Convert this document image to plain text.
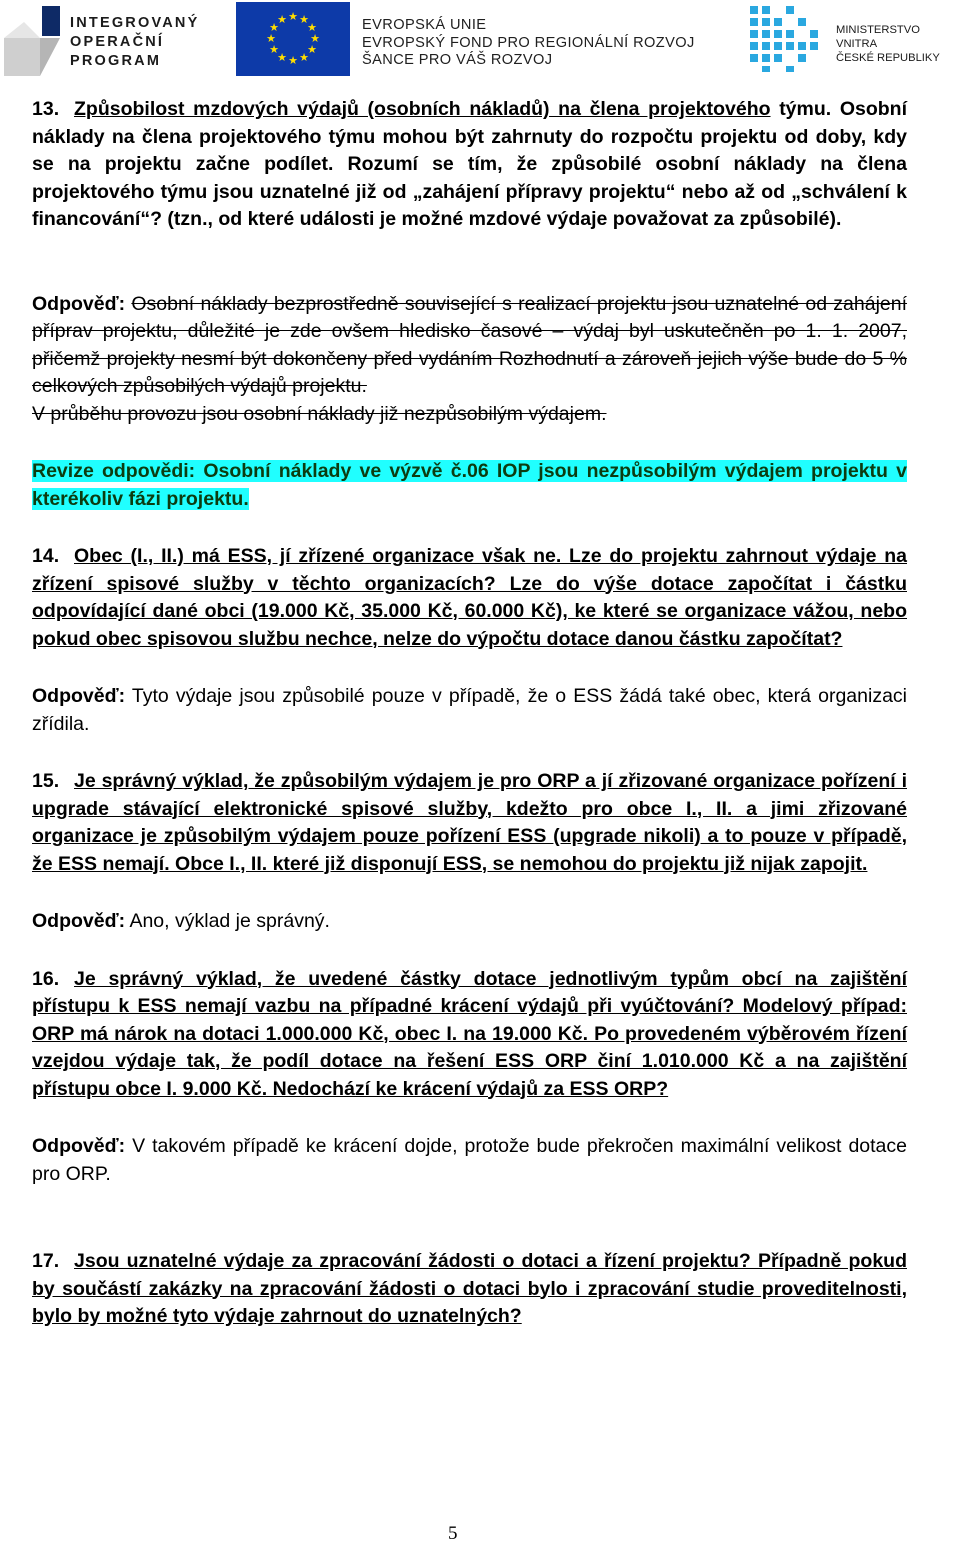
INTEGROVANÝ
OPERAČNÍ
PROGRAM
★ ★
★
★
★
★
★
★
★
★
★
★	EVROPSKÁ UNIE
EVROPSKÝ FOND PRO REGIONÁLNÍ ROZVOJ
ŠANCE PRO VÁŠ ROZVOJ
MINISTERSTVO VNITRA
ČESKÉ REPUBLIKY

13. Způsobilost mzdových výdajů (osobních nákladů) na člena projektového týmu. Osobní náklady na člena projektového týmu mohou být zahrnuty do rozpočtu projektu od doby, kdy se na projektu začne podílet. Rozumí se tím, že způsobilé osobní náklady na člena projektového týmu jsou uznatelné již od „zahájení přípravy projektu“ nebo až od „schválení k financování“? (tzn., od které události je možné mzdové výdaje považovat za způsobilé).

Odpověď: Osobní náklady bezprostředně související s realizací projektu jsou uznatelné od zahájení příprav projektu, důležité je zde ovšem hledisko časové – výdaj byl uskutečněn po 1. 1. 2007, přičemž projekty nesmí být dokončeny před vydáním Rozhodnutí a zároveň jejich výše bude do 5 % celkových způsobilých výdajů projektu.

V průběhu provozu jsou osobní náklady již nezpůsobilým výdajem.

Revize odpovědi: Osobní náklady ve výzvě č.06 IOP jsou nezpůsobilým výdajem projektu v kterékoliv fázi projektu.

14. Obec (I., II.) má ESS, jí zřízené organizace však ne. Lze do projektu zahrnout výdaje na zřízení spisové služby v těchto organizacích? Lze do výše dotace započítat i částku odpovídající dané obci (19.000 Kč, 35.000 Kč, 60.000 Kč), ke které se organizace vážou, nebo pokud obec spisovou službu nechce, nelze do výpočtu dotace danou částku započítat?

Odpověď: Tyto výdaje jsou způsobilé pouze v případě, že o ESS žádá také obec, která organizaci zřídila.

15. Je správný výklad, že způsobilým výdajem je pro ORP a jí zřizované organizace pořízení i upgrade stávající elektronické spisové služby, kdežto pro obce I., II. a jimi zřizované organizace je způsobilým výdajem pouze pořízení ESS (upgrade nikoli) a to pouze v případě, že ESS nemají. Obce I., II. které již disponují ESS, se nemohou do projektu již nijak zapojit.

Odpověď: Ano, výklad je správný.

16. Je správný výklad, že uvedené částky dotace jednotlivým typům obcí na zajištění přístupu k ESS nemají vazbu na případné krácení výdajů při vyúčtování? Modelový případ: ORP má nárok na dotaci 1.000.000 Kč, obec I. na 19.000 Kč. Po provedeném výběrovém řízení vzejdou výdaje tak, že podíl dotace na řešení ESS ORP činí 1.010.000 Kč a na zajištění přístupu obce I. 9.000 Kč. Nedochází ke krácení výdajů za ESS ORP?

Odpověď: V takovém případě ke krácení dojde, protože bude překročen maximální velikost dotace pro ORP.

17. Jsou uznatelné výdaje za zpracování žádosti o dotaci a řízení projektu? Případně pokud by součástí zakázky na zpracování žádosti o dotaci bylo i zpracování studie proveditelnosti, bylo by možné tyto výdaje zahrnout do uznatelných?

5
